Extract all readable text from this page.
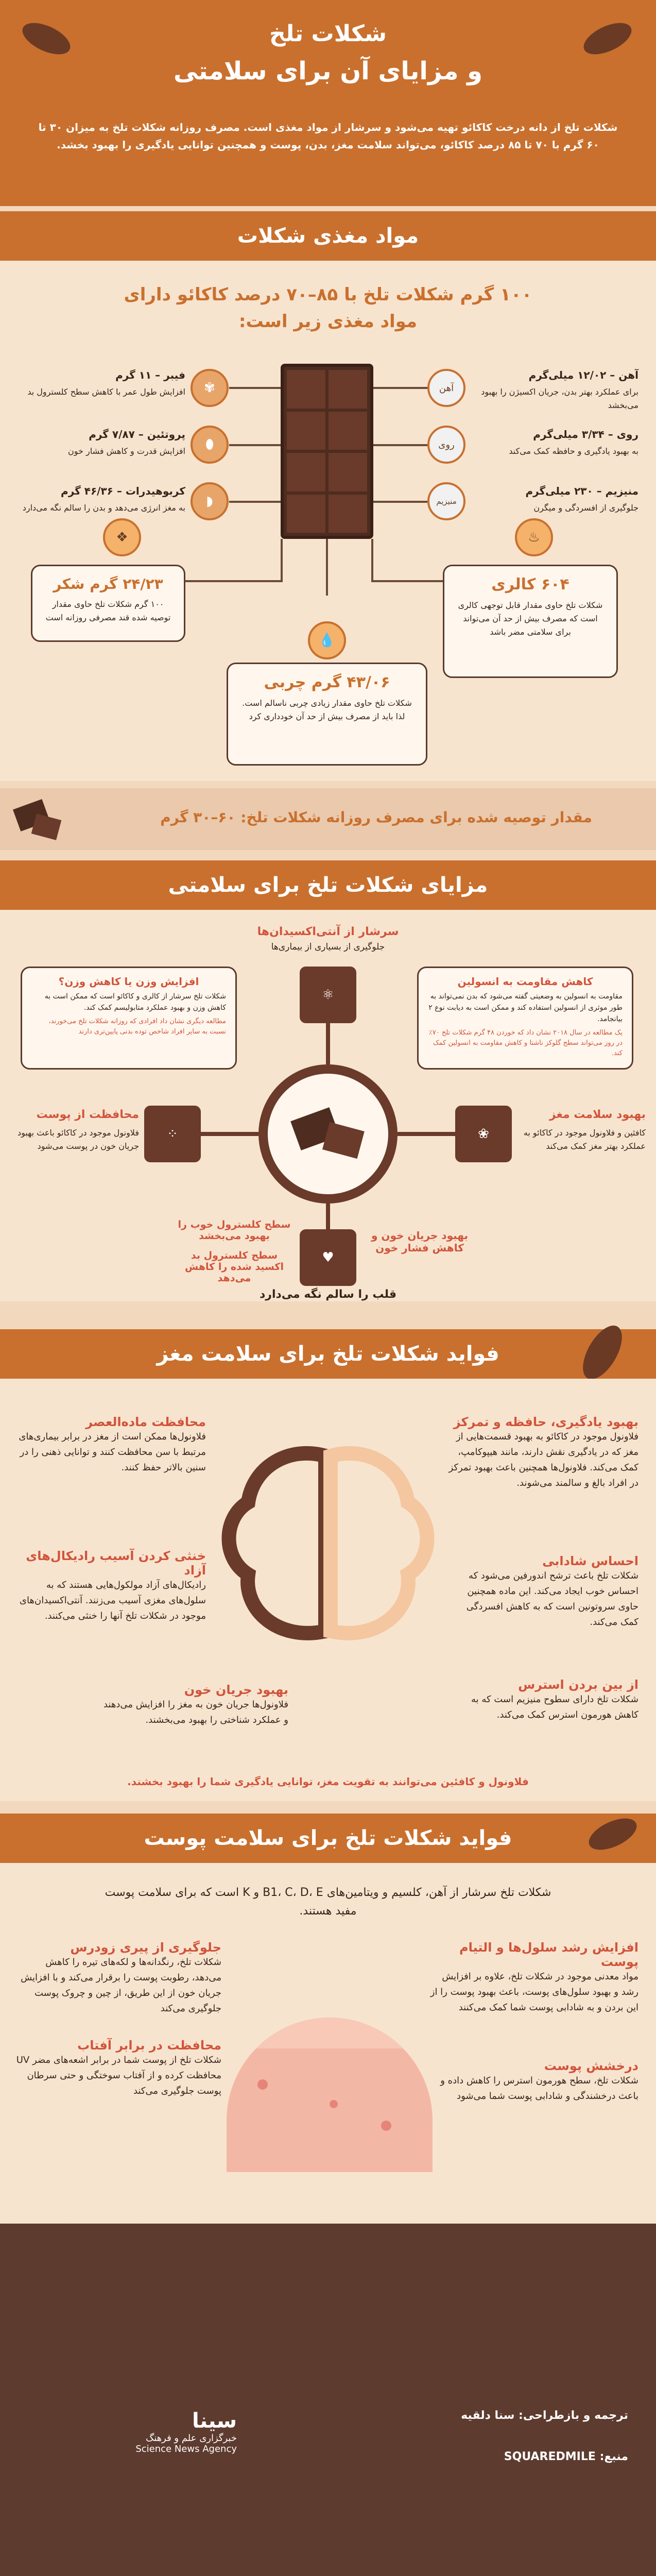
شکلات تلخ
و مزایای آن برای سلامتی
شکلات تلخ از دانه درخت کاکائو تهیه می‌شود و سرشار از مواد مغذی است. مصرف روزانه شکلات تلخ به میزان ۳۰ تا ۶۰ گرم با ۷۰ تا ۸۵ درصد کاکائو، می‌تواند سلامت مغز، بدن، پوست و همچنین توانایی یادگیری را بهبود بخشد.
مواد مغذی شکلات
۱۰۰ گرم شکلات تلخ با ۸۵–۷۰ درصد کاکائو دارای مواد مغذی زیر است:
آهن
آهن – ۱۲/۰۲ میلی‌گرم
برای عملکرد بهتر بدن، جریان اکسیژن را بهبود می‌بخشد
روی
روی – ۳/۳۴ میلی‌گرم
به بهبود یادگیری و حافظه کمک می‌کند
منیزیم
منیزیم – ۲۳۰ میلی‌گرم
جلوگیری از افسردگی و میگرن
✾
فیبر – ۱۱ گرم
افزایش طول عمر با کاهش سطح کلسترول بد
⬮
پروتئین – ۷/۸۷ گرم
افزایش قدرت و کاهش فشار خون
◗
کربوهیدرات – ۴۶/۳۶ گرم
به مغز انرژی می‌دهد و بدن را سالم نگه می‌دارد
❖
۲۴/۲۳ گرم شکر
۱۰۰ گرم شکلات تلخ حاوی مقدار توصیه شده قند مصرفی روزانه است
♨
۶۰۴ کالری
شکلات تلخ حاوی مقدار قابل توجهی کالری است که مصرف بیش از حد آن می‌تواند برای سلامتی مضر باشد
💧
۴۳/۰۶ گرم چربی
شکلات تلخ حاوی مقدار زیادی چربی ناسالم است. لذا باید از مصرف بیش از حد آن خودداری کرد
مقدار توصیه شده برای مصرف روزانه شکلات تلخ: ۶۰–۳۰ گرم
مزایای شکلات تلخ برای سلامتی
سرشار از آنتی‌اکسیدان‌ها
جلوگیری از بسیاری از بیماری‌ها
⚛
افزایش وزن یا کاهش وزن؟
شکلات تلخ سرشار از کالری و کاکائو است که ممکن است به کاهش وزن و بهبود عملکرد متابولیسم کمک کند.
مطالعه دیگری نشان داد افرادی که روزانه شکلات تلخ می‌خورند، نسبت به سایر افراد شاخص توده بدنی پایین‌تری دارند
کاهش مقاومت به انسولین
مقاومت به انسولین به وضعیتی گفته می‌شود که بدن نمی‌تواند به طور موثری از انسولین استفاده کند و ممکن است به دیابت نوع ۲ بیانجامد.
یک مطالعه در سال ۲۰۱۸ نشان داد که خوردن ۴۸ گرم شکلات تلخ ۷۰٪ در روز می‌تواند سطح گلوکز ناشتا و کاهش مقاومت به انسولین کمک کند.
⁘
محافظت از پوست
فلاونول موجود در کاکائو باعث بهبود جریان خون در پوست می‌شود
❀
بهبود سلامت مغز
کافئین و فلاونول موجود در کاکائو به عملکرد بهتر مغز کمک می‌کند
♥
سطح کلسترول خوب را بهبود می‌بخشد
سطح کلسترول بد اکسید شده را کاهش می‌دهد
بهبود جریان خون و کاهش فشار خون
قلب را سالم نگه می‌دارد
فواید شکلات تلخ برای سلامت مغز
بهبود یادگیری، حافظه و تمرکز
فلاونول موجود در کاکائو به بهبود قسمت‌هایی از مغز که در یادگیری نقش دارند، مانند هیپوکامپ، کمک می‌کند. فلاونول‌ها همچنین باعث بهبود تمرکز در افراد بالغ و سالمند می‌شوند.
محافظت ماده‌العصر
فلاونول‌ها ممکن است از مغز در برابر بیماری‌های مرتبط با سن محافظت کنند و توانایی ذهنی را در سنین بالاتر حفظ کنند.
احساس شادابی
شکلات تلخ باعث ترشح اندورفین می‌شود که احساس خوب ایجاد می‌کند. این ماده همچنین حاوی سروتونین است که به کاهش افسردگی کمک می‌کند.
خنثی کردن آسیب رادیکال‌های آزاد
رادیکال‌های آزاد مولکول‌هایی هستند که به سلول‌های مغزی آسیب می‌زنند. آنتی‌اکسیدان‌های موجود در شکلات تلخ آنها را خنثی می‌کنند.
از بین بردن استرس
شکلات تلخ دارای سطوح منیزیم است که به کاهش هورمون استرس کمک می‌کند.
بهبود جریان خون
فلاونول‌ها جریان خون به مغز را افزایش می‌دهند و عملکرد شناختی را بهبود می‌بخشند.
فلاونول و کافئین می‌توانند به تقویت مغز، توانایی یادگیری شما را بهبود بخشند.
فواید شکلات تلخ برای سلامت پوست
شکلات تلخ سرشار از آهن، کلسیم و ویتامین‌های B1، C، D، E و K است که برای سلامت پوست مفید هستند.
افزایش رشد سلول‌ها و التیام پوست
مواد معدنی موجود در شکلات تلخ، علاوه بر افزایش رشد و بهبود سلول‌های پوست، باعث بهبود پوست را از این بردن و به شادابی پوست شما کمک می‌کنند
جلوگیری از پیری زودرس
شکلات تلخ، رنگدانه‌ها و لکه‌های تیره را کاهش می‌دهد، رطوبت پوست را برقرار می‌کند و با افزایش جریان خون از این طریق، از چین و چروک پوست جلوگیری می‌کند
درخشش پوست
شکلات تلخ، سطح هورمون استرس را کاهش داده و باعث درخشندگی و شادابی پوست شما می‌شود
محافظت در برابر آفتاب
شکلات تلخ از پوست شما در برابر اشعه‌های مضر UV محافظت کرده و از آفتاب سوختگی و حتی سرطان پوست جلوگیری می‌کند
ترجمه و بازطراحی: سنا دلقیه
منبع: SQUAREDMILE
سینا
خبرگزاری علم و فرهنگ
Science News Agency
